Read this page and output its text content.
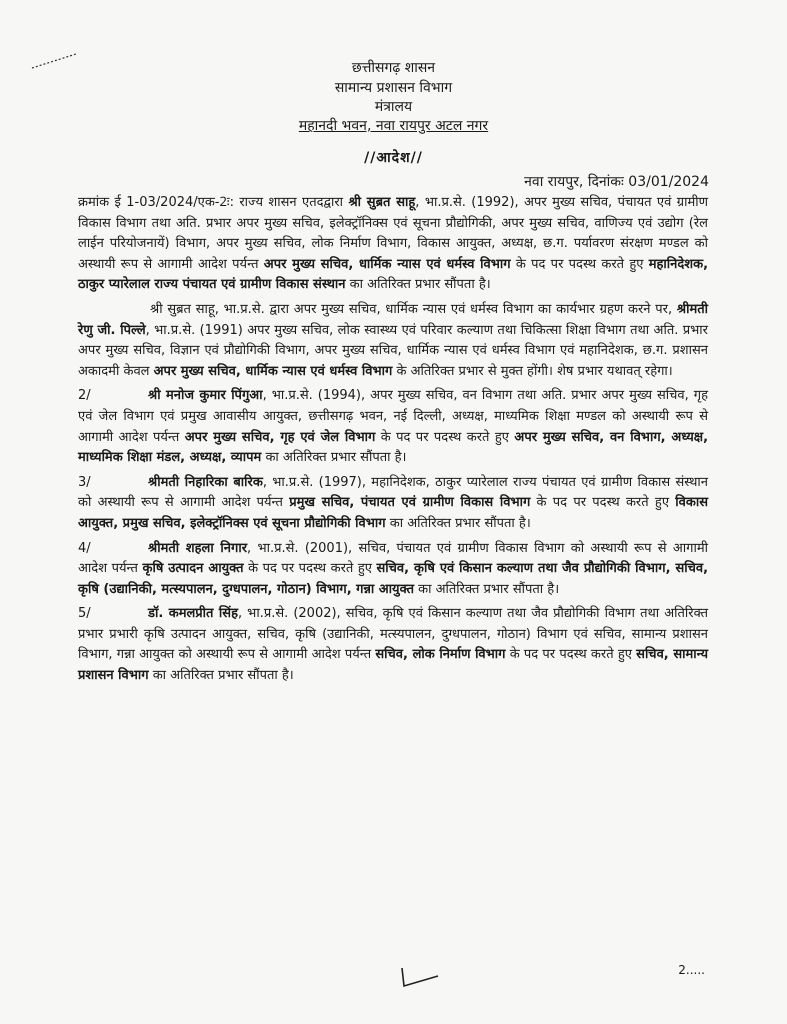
छत्तीसगढ़ शासन
सामान्य प्रशासन विभाग
मंत्रालय
महानदी भवन, नवा रायपुर अटल नगर
//आदेश//
नवा रायपुर, दिनांकः 03/01/2024

क्रमांक ई 1-03/2024/एक-2ः: राज्य शासन एतदद्वारा श्री सुब्रत साहू, भा.प्र.से. (1992), अपर मुख्य सचिव, पंचायत एवं ग्रामीण विकास विभाग तथा अति. प्रभार अपर मुख्य सचिव, इलेक्ट्रॉनिक्स एवं सूचना प्रौद्योगिकी, अपर मुख्य सचिव, वाणिज्य एवं उद्योग (रेल लाईन परियोजनायें) विभाग, अपर मुख्य सचिव, लोक निर्माण विभाग, विकास आयुक्त, अध्यक्ष, छ.ग. पर्यावरण संरक्षण मण्डल को अस्थायी रूप से आगामी आदेश पर्यन्त अपर मुख्य सचिव, धार्मिक न्यास एवं धर्मस्व विभाग के पद पर पदस्थ करते हुए महानिदेशक, ठाकुर प्यारेलाल राज्य पंचायत एवं ग्रामीण विकास संस्थान का अतिरिक्त प्रभार सौंपता है।

श्री सुब्रत साहू, भा.प्र.से. द्वारा अपर मुख्य सचिव, धार्मिक न्यास एवं धर्मस्व विभाग का कार्यभार ग्रहण करने पर, श्रीमती रेणु जी. पिल्ले, भा.प्र.से. (1991) अपर मुख्य सचिव, लोक स्वास्थ्य एवं परिवार कल्याण तथा चिकित्सा शिक्षा विभाग तथा अति. प्रभार अपर मुख्य सचिव, विज्ञान एवं प्रौद्योगिकी विभाग, अपर मुख्य सचिव, धार्मिक न्यास एवं धर्मस्व विभाग एवं महानिदेशक, छ.ग. प्रशासन अकादमी केवल अपर मुख्य सचिव, धार्मिक न्यास एवं धर्मस्व विभाग के अतिरिक्त प्रभार से मुक्त होंगी। शेष प्रभार यथावत् रहेगा।

2/	श्री मनोज कुमार पिंगुआ, भा.प्र.से. (1994), अपर मुख्य सचिव, वन विभाग तथा अति. प्रभार अपर मुख्य सचिव, गृह एवं जेल विभाग एवं प्रमुख आवासीय आयुक्त, छत्तीसगढ़ भवन, नई दिल्ली, अध्यक्ष, माध्यमिक शिक्षा मण्डल को अस्थायी रूप से आगामी आदेश पर्यन्त अपर मुख्य सचिव, गृह एवं जेल विभाग के पद पर पदस्थ करते हुए अपर मुख्य सचिव, वन विभाग, अध्यक्ष, माध्यमिक शिक्षा मंडल, अध्यक्ष, व्यापम का अतिरिक्त प्रभार सौंपता है।

3/	श्रीमती निहारिका बारिक, भा.प्र.से. (1997), महानिदेशक, ठाकुर प्यारेलाल राज्य पंचायत एवं ग्रामीण विकास संस्थान को अस्थायी रूप से आगामी आदेश पर्यन्त प्रमुख सचिव, पंचायत एवं ग्रामीण विकास विभाग के पद पर पदस्थ करते हुए विकास आयुक्त, प्रमुख सचिव, इलेक्ट्रॉनिक्स एवं सूचना प्रौद्योगिकी विभाग का अतिरिक्त प्रभार सौंपता है।

4/	श्रीमती शहला निगार, भा.प्र.से. (2001), सचिव, पंचायत एवं ग्रामीण विकास विभाग को अस्थायी रूप से आगामी आदेश पर्यन्त कृषि उत्पादन आयुक्त के पद पर पदस्थ करते हुए सचिव, कृषि एवं किसान कल्याण तथा जैव प्रौद्योगिकी विभाग, सचिव, कृषि (उद्यानिकी, मत्स्यपालन, दुग्धपालन, गोठान) विभाग, गन्ना आयुक्त का अतिरिक्त प्रभार सौंपता है।

5/	डॉ. कमलप्रीत सिंह, भा.प्र.से. (2002), सचिव, कृषि एवं किसान कल्याण तथा जैव प्रौद्योगिकी विभाग तथा अतिरिक्त प्रभार प्रभारी कृषि उत्पादन आयुक्त, सचिव, कृषि (उद्यानिकी, मत्स्यपालन, दुग्धपालन, गोठान) विभाग एवं सचिव, सामान्य प्रशासन विभाग, गन्ना आयुक्त को अस्थायी रूप से आगामी आदेश पर्यन्त सचिव, लोक निर्माण विभाग के पद पर पदस्थ करते हुए सचिव, सामान्य प्रशासन विभाग का अतिरिक्त प्रभार सौंपता है।

2.....
